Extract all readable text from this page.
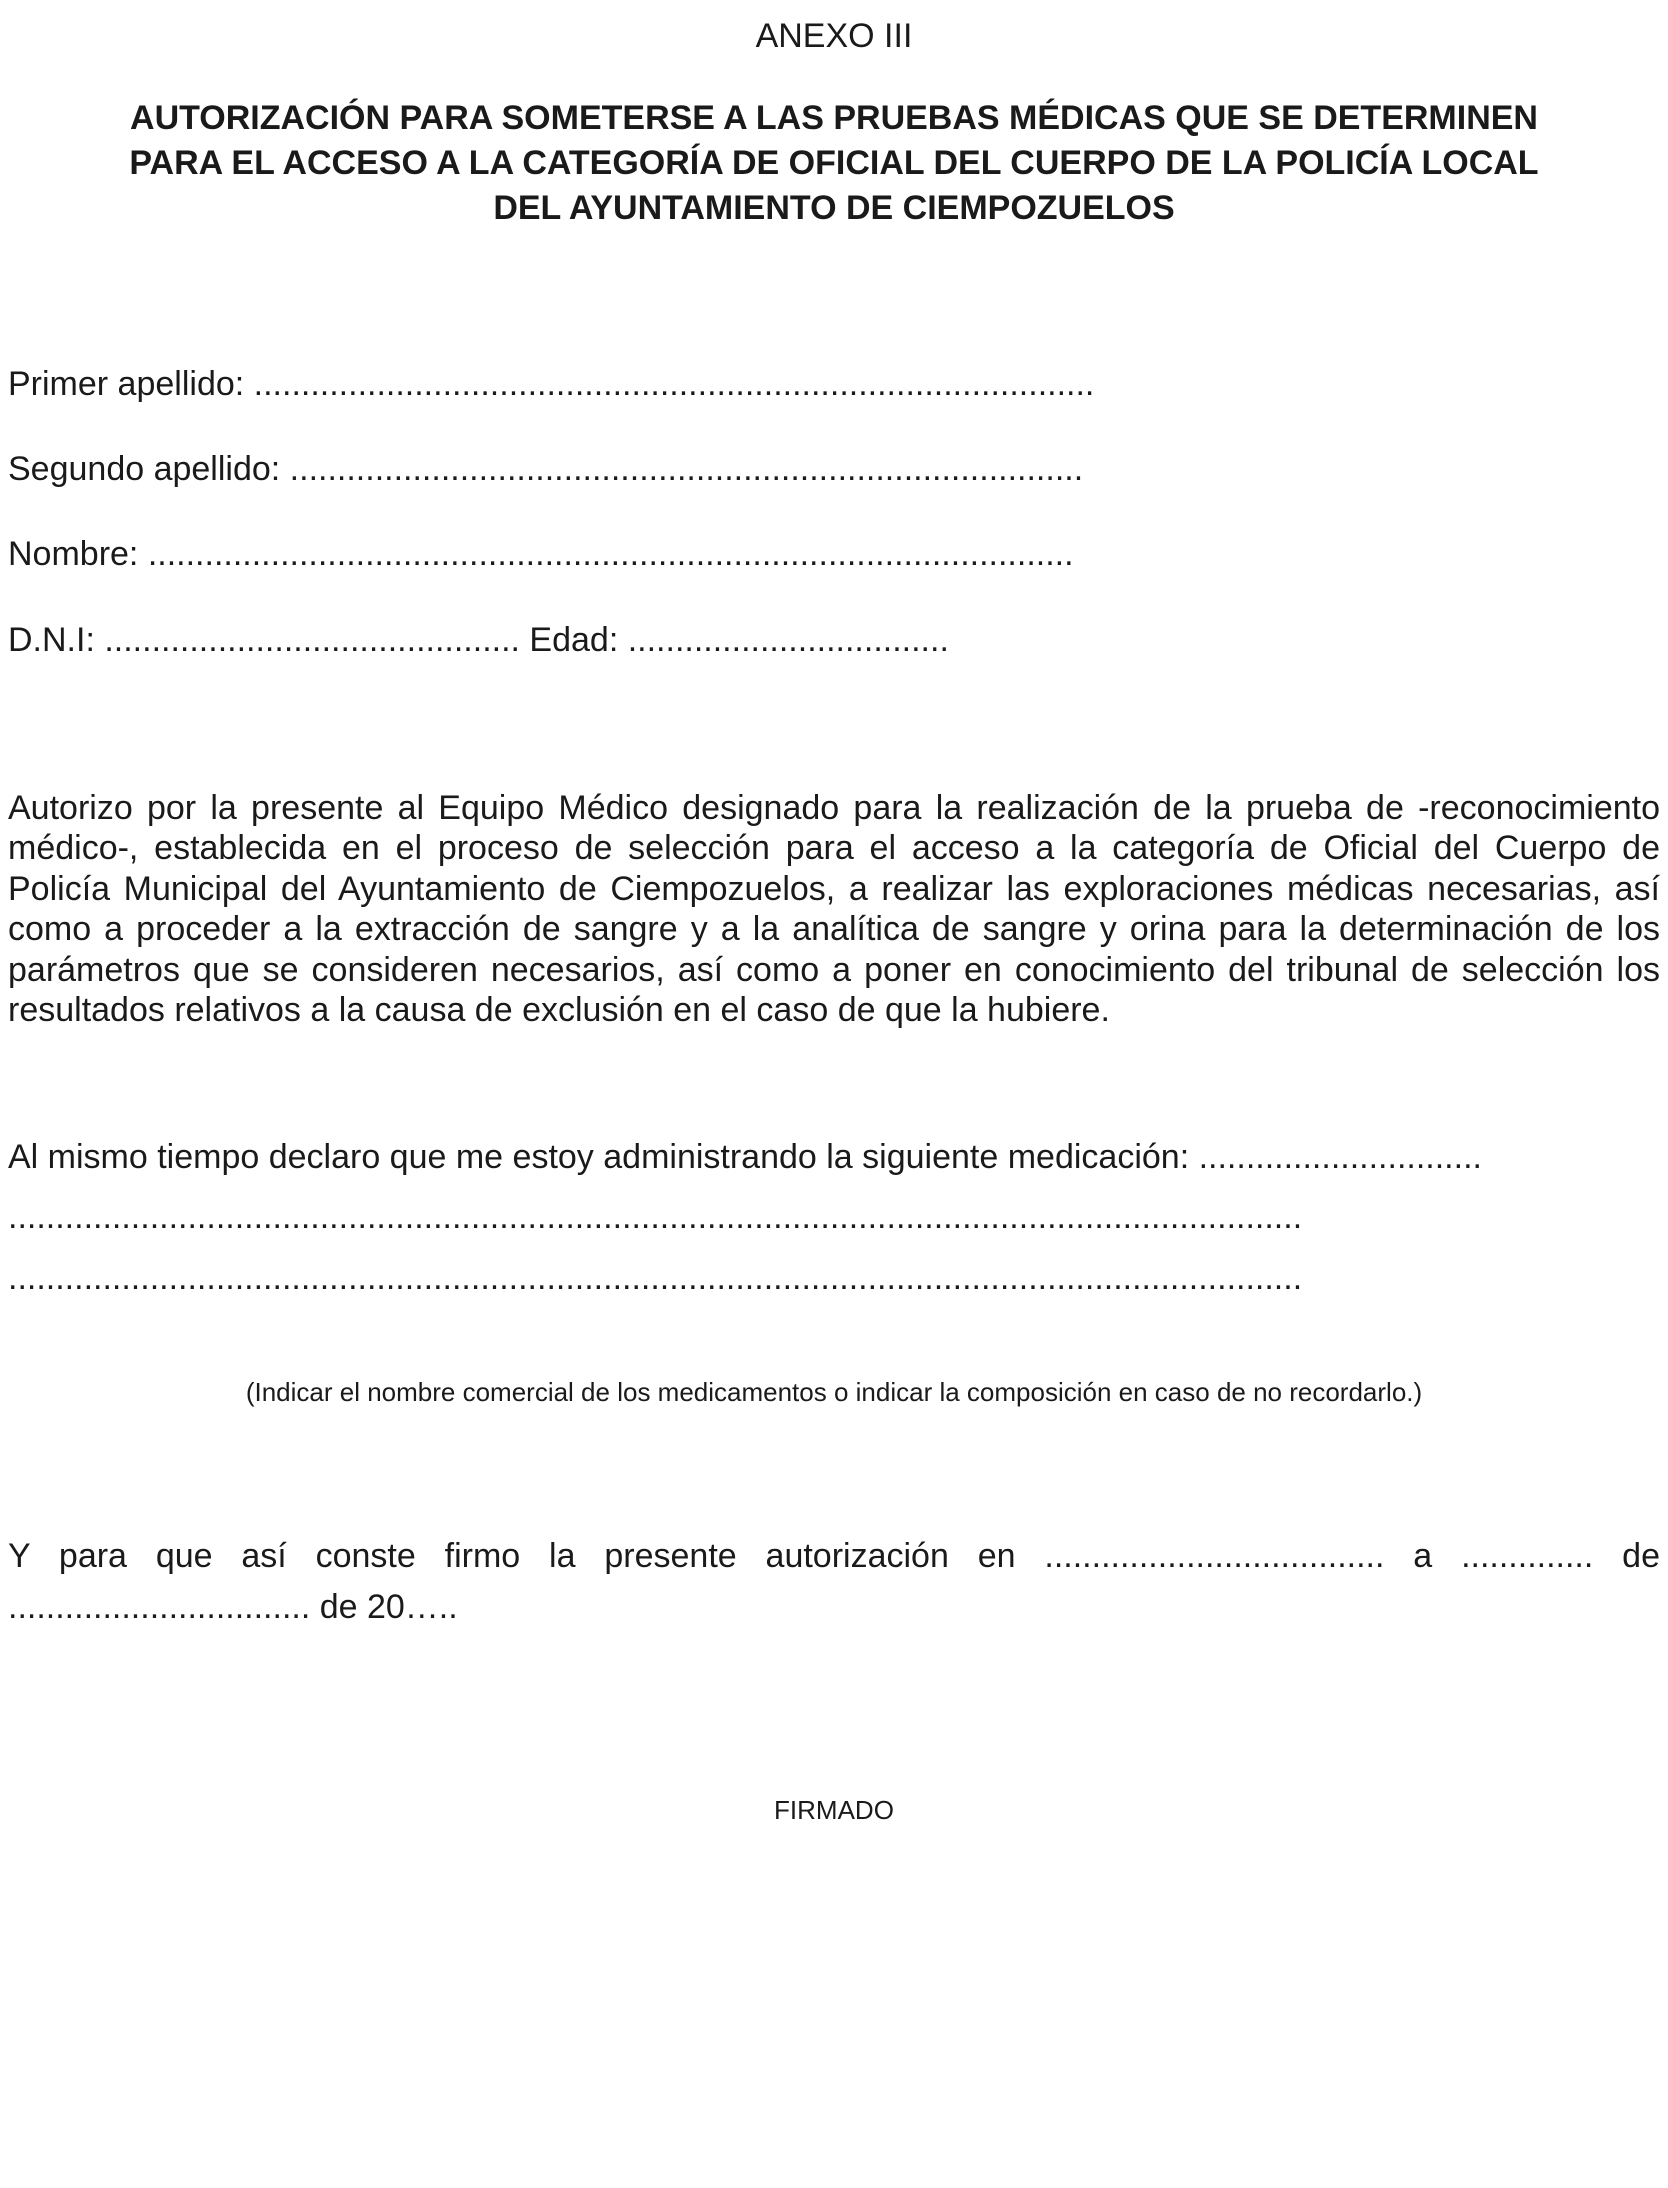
ANEXO III

AUTORIZACIÓN PARA SOMETERSE A LAS PRUEBAS MÉDICAS QUE SE DETERMINEN
PARA EL ACCESO A LA CATEGORÍA DE OFICIAL DEL CUERPO DE LA POLICÍA LOCAL
DEL AYUNTAMIENTO DE CIEMPOZUELOS

Primer apellido: .........................................................................................

Segundo apellido: ....................................................................................

Nombre: ..................................................................................................

D.N.I: ............................................ Edad: ..................................

Autorizo por la presente al Equipo Médico designado para la realización de la prueba de -reconocimiento médico-, establecida en el proceso de selección para el acceso a la categoría de Oficial del Cuerpo de Policía Municipal del Ayuntamiento de Ciempozuelos, a realizar las exploraciones médicas necesarias, así como a proceder a la extracción de sangre y a la analítica de sangre y orina para la determinación de los parámetros que se consideren necesarios, así como a poner en conocimiento del tribunal de selección los resultados relativos a la causa de exclusión en el caso de que la hubiere.

Al mismo tiempo declaro que me estoy administrando la siguiente medicación: ..............................

.........................................................................................................................................

.........................................................................................................................................

(Indicar el nombre comercial de los medicamentos o indicar la composición en caso de no recordarlo.)

Y para que así conste firmo la presente autorización en .................................... a .............. de ................................ de 20…..

FIRMADO
